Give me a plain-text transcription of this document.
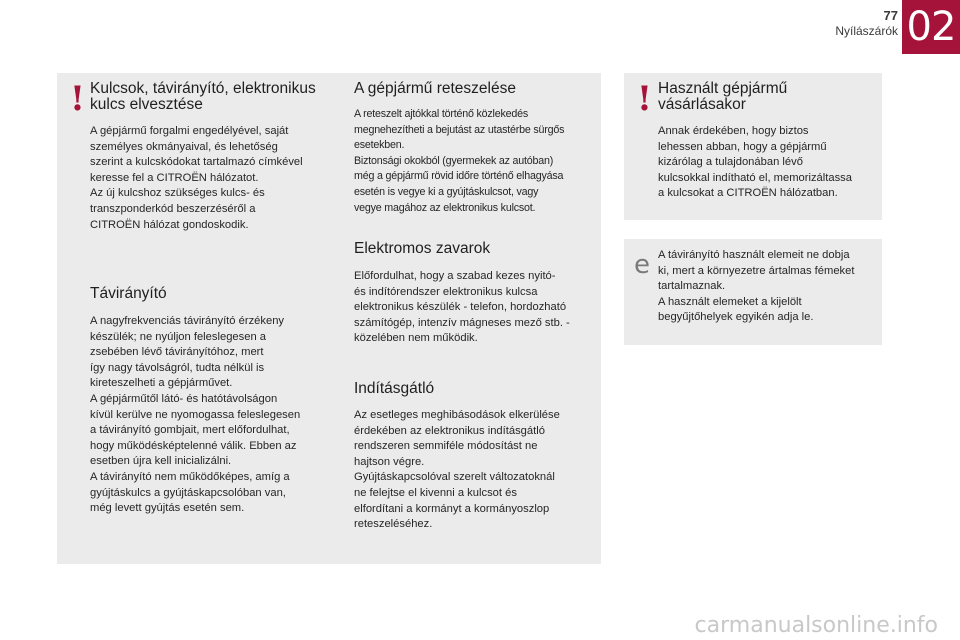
77
Nyílászárók 02
! Kulcsok, távirányító, elektronikus
kulcs elvesztése

A gépjármű forgalmi engedélyével, saját

személyes okmányaival, és lehetőség

szerint a kulcskódokat tartalmazó címkével

keresse fel a CITROËN hálózatot.

Az új kulcshoz szükséges kulcs- és

transzponderkód beszerzéséről a

CITROËN hálózat gondoskodik.

Távirányító

A nagyfrekvenciás távirányító érzékeny

készülék; ne nyúljon feleslegesen a

zsebében lévő távirányítóhoz, mert

így nagy távolságról, tudta nélkül is

kireteszelheti a gépjárművet.

A gépjárműtől látó- és hatótávolságon

kívül kerülve ne nyomogassa feleslegesen

a távirányító gombjait, mert előfordulhat,

hogy működésképtelenné válik. Ebben az

esetben újra kell inicializálni.

A távirányító nem működőképes, amíg a

gyújtáskulcs a gyújtáskapcsolóban van,

még levett gyújtás esetén sem.

A gépjármű reteszelése

A reteszelt ajtókkal történő közlekedés

megnehezítheti a bejutást az utastérbe sürgős

esetekben.

Biztonsági okokból (gyermekek az autóban)

még a gépjármű rövid időre történő elhagyása

esetén is vegye ki a gyújtáskulcsot, vagy

vegye magához az elektronikus kulcsot.

Elektromos zavarok

Előfordulhat, hogy a szabad kezes nyitó-

és indítórendszer elektronikus kulcsa

elektronikus készülék - telefon, hordozható

számítógép, intenzív mágneses mező stb. -

közelében nem működik.

Indításgátló

Az esetleges meghibásodások elkerülése

érdekében az elektronikus indításgátló

rendszeren semmiféle módosítást ne

hajtson végre.

Gyújtáskapcsolóval szerelt változatoknál

ne felejtse el kivenni a kulcsot és

elfordítani a kormányt a kormányoszlop

reteszeléséhez.

! Használt gépjármű
vásárlásakor

Annak érdekében, hogy biztos

lehessen abban, hogy a gépjármű

kizárólag a tulajdonában lévő

kulcsokkal indítható el, memorizáltassa

a kulcsokat a CITROËN hálózatban.

e A távirányító használt elemeit ne dobja

ki, mert a környezetre ártalmas fémeket

tartalmaznak.

A használt elemeket a kijelölt

begyűjtőhelyek egyikén adja le.

carmanualsonline.info
